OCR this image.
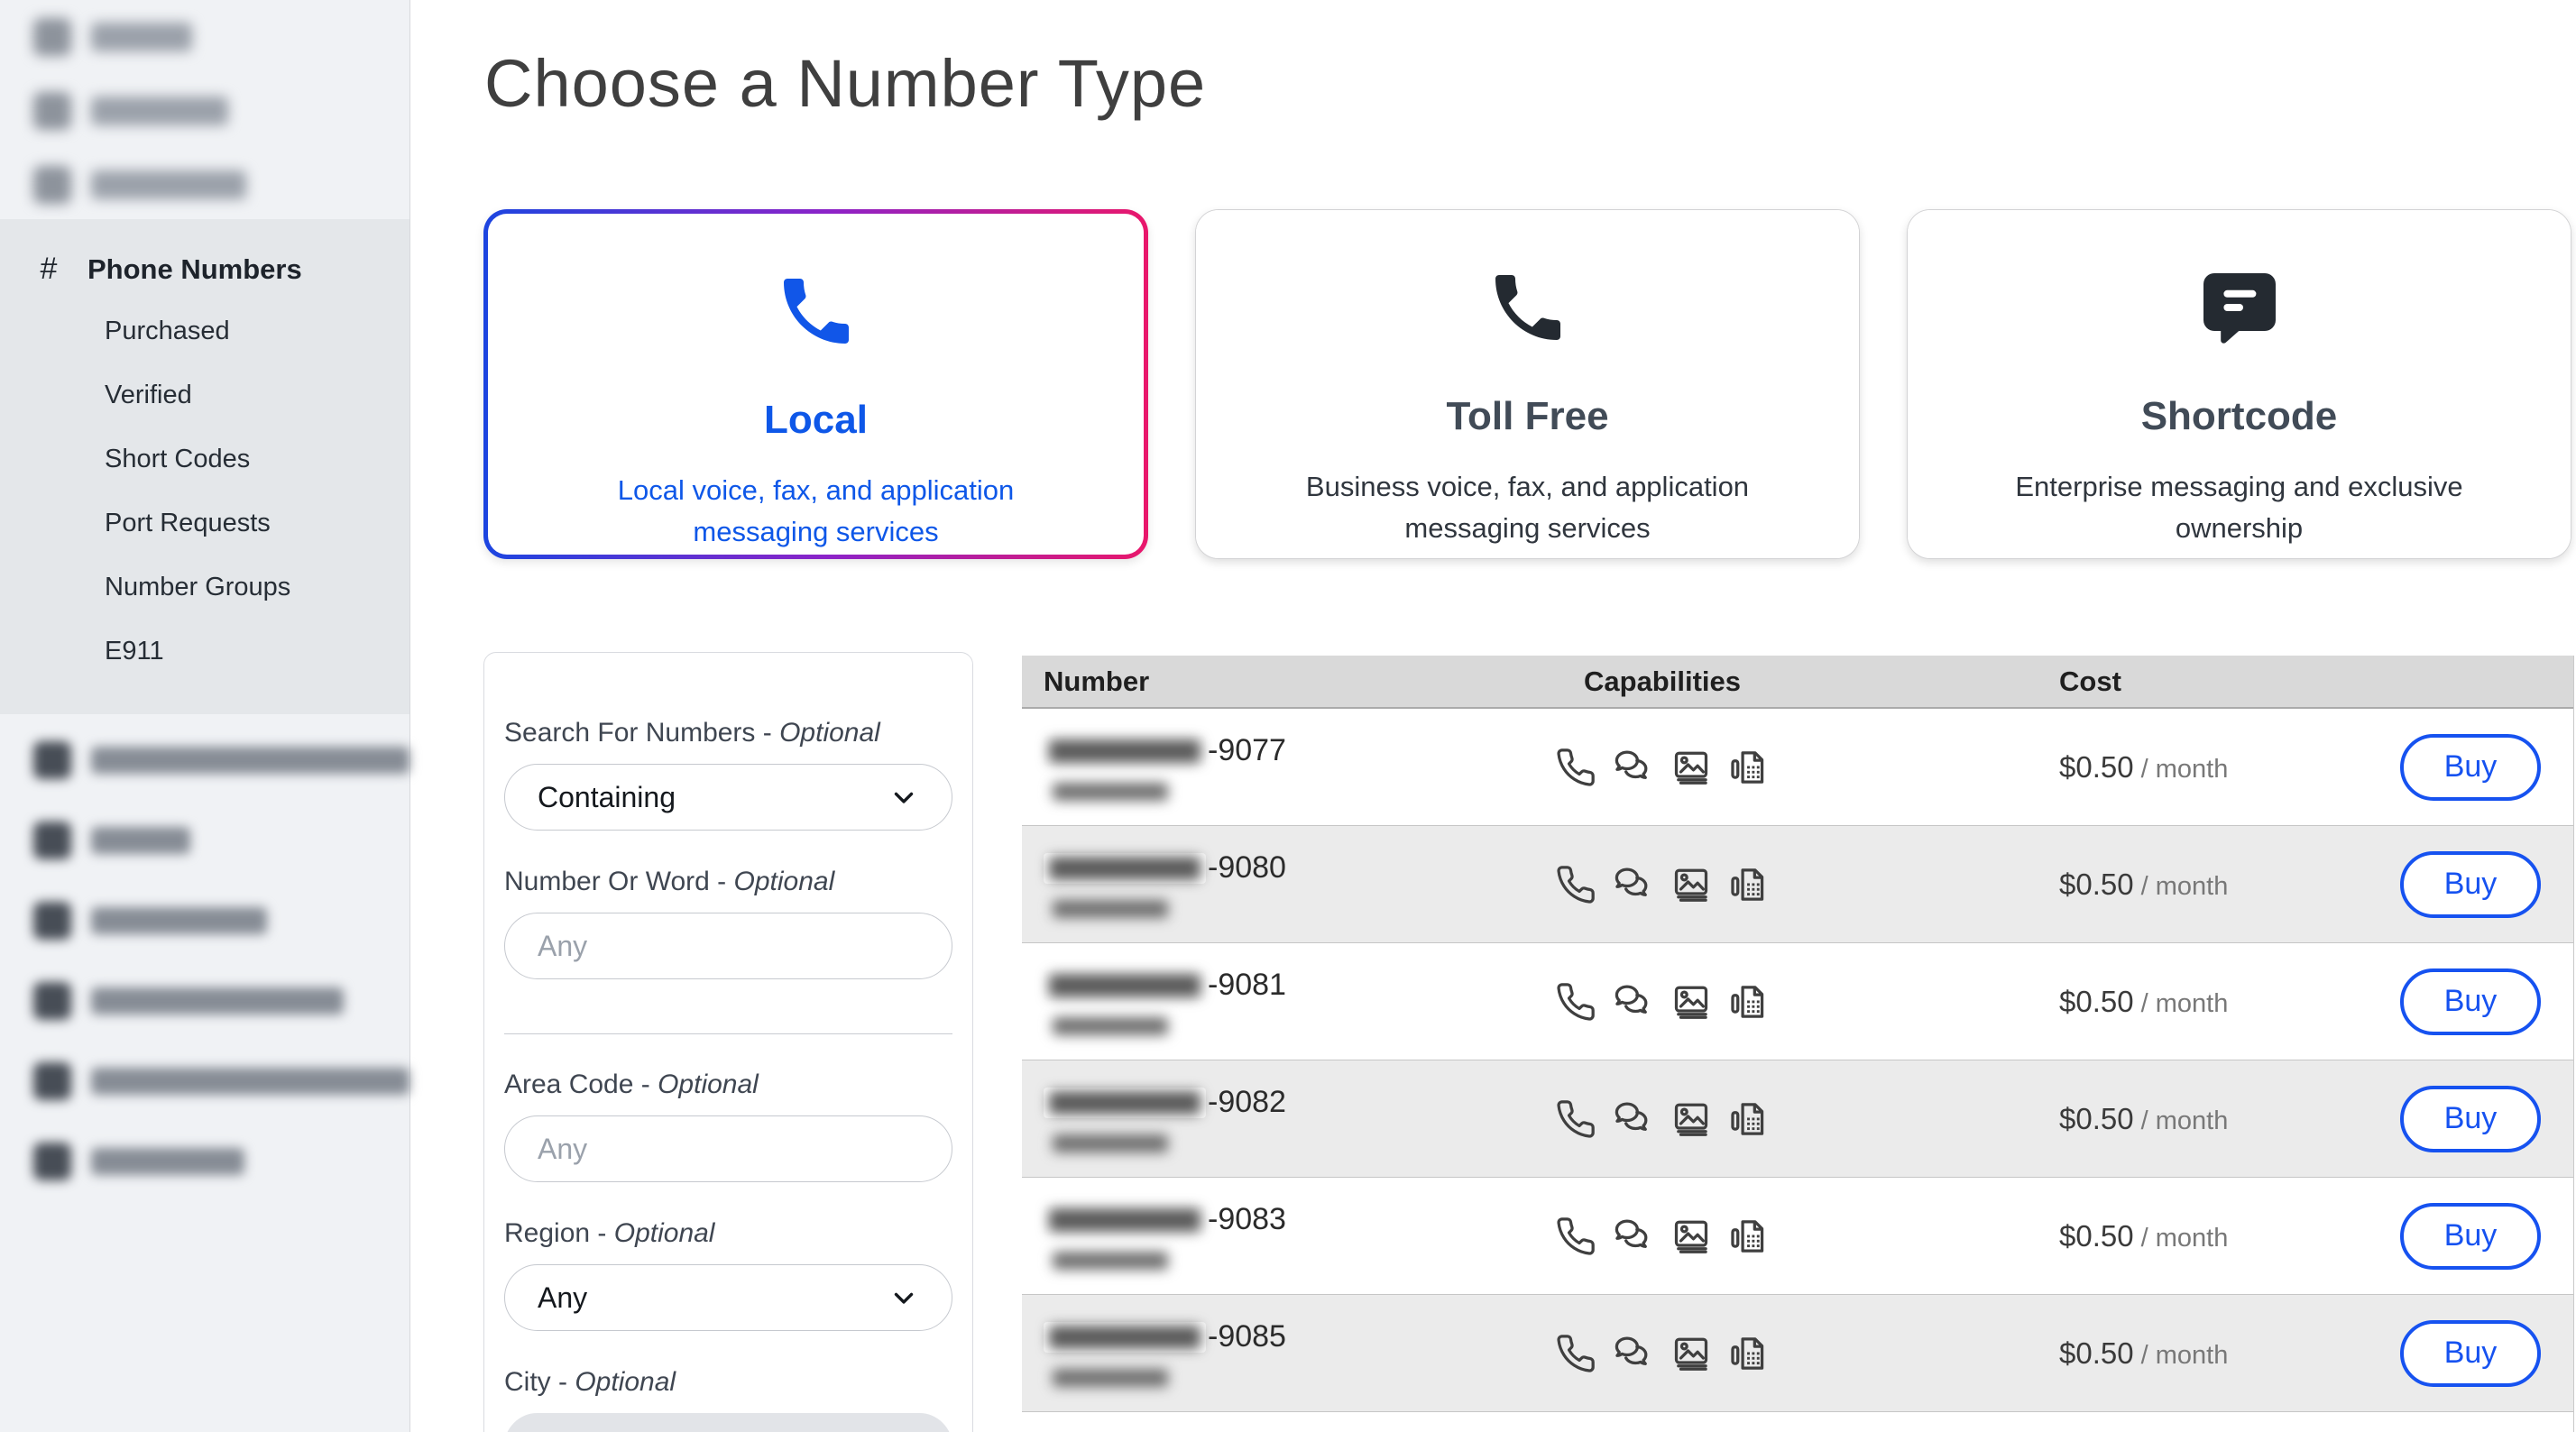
# Phone Numbers
Purchased
Verified
Short Codes
Port Requests
Number Groups
E911
Choose a Number Type
Local
Local voice, fax, and application messaging services
Toll Free
Business voice, fax, and application messaging services
Shortcode
Enterprise messaging and exclusive ownership
Search For Numbers - Optional
Containing
Number Or Word - Optional
Any
Area Code - Optional
Any
Region - Optional
Any
City - Optional
Any
Number	Capabilities	Cost
-9077	$0.50 / month	Buy
-9080	$0.50 / month	Buy
-9081	$0.50 / month	Buy
-9082	$0.50 / month	Buy
-9083	$0.50 / month	Buy
-9085	$0.50 / month	Buy
